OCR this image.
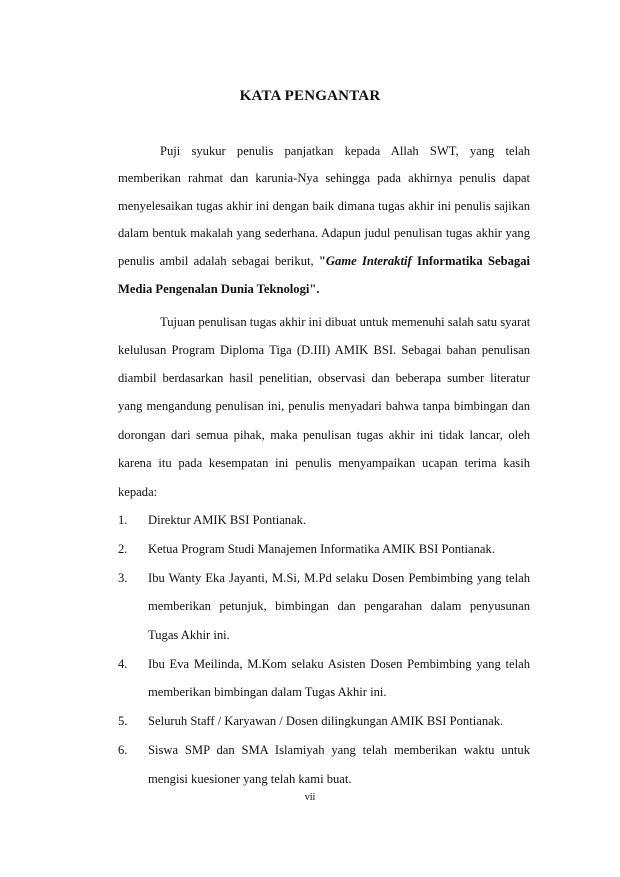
KATA PENGANTAR
Puji syukur penulis panjatkan kepada Allah SWT, yang telah
memberikan rahmat dan karunia-Nya sehingga pada akhirnya penulis dapat
menyelesaikan tugas akhir ini dengan baik dimana tugas akhir ini penulis sajikan
dalam bentuk makalah yang sederhana. Adapun judul penulisan tugas akhir yang
penulis ambil adalah sebagai berikut, "Game Interaktif Informatika Sebagai
Media Pengenalan Dunia Teknologi".
Tujuan penulisan tugas akhir ini dibuat untuk memenuhi salah satu syarat
kelulusan Program Diploma Tiga (D.III) AMIK BSI. Sebagai bahan penulisan
diambil berdasarkan hasil penelitian, observasi dan beberapa sumber literatur
yang mengandung penulisan ini, penulis menyadari bahwa tanpa bimbingan dan
dorongan dari semua pihak, maka penulisan tugas akhir ini tidak lancar, oleh
karena itu pada kesempatan ini penulis menyampaikan ucapan terima kasih
kepada:
1. Direktur AMIK BSI Pontianak.
2. Ketua Program Studi Manajemen Informatika AMIK BSI Pontianak.
3. Ibu Wanty Eka Jayanti, M.Si, M.Pd selaku Dosen Pembimbing yang telah
memberikan petunjuk, bimbingan dan pengarahan dalam penyusunan
Tugas Akhir ini.
4. Ibu Eva Meilinda, M.Kom selaku Asisten Dosen Pembimbing yang telah
memberikan bimbingan dalam Tugas Akhir ini.
5. Seluruh Staff / Karyawan / Dosen dilingkungan AMIK BSI Pontianak.
6. Siswa SMP dan SMA Islamiyah yang telah memberikan waktu untuk
mengisi kuesioner yang telah kami buat.
vii
